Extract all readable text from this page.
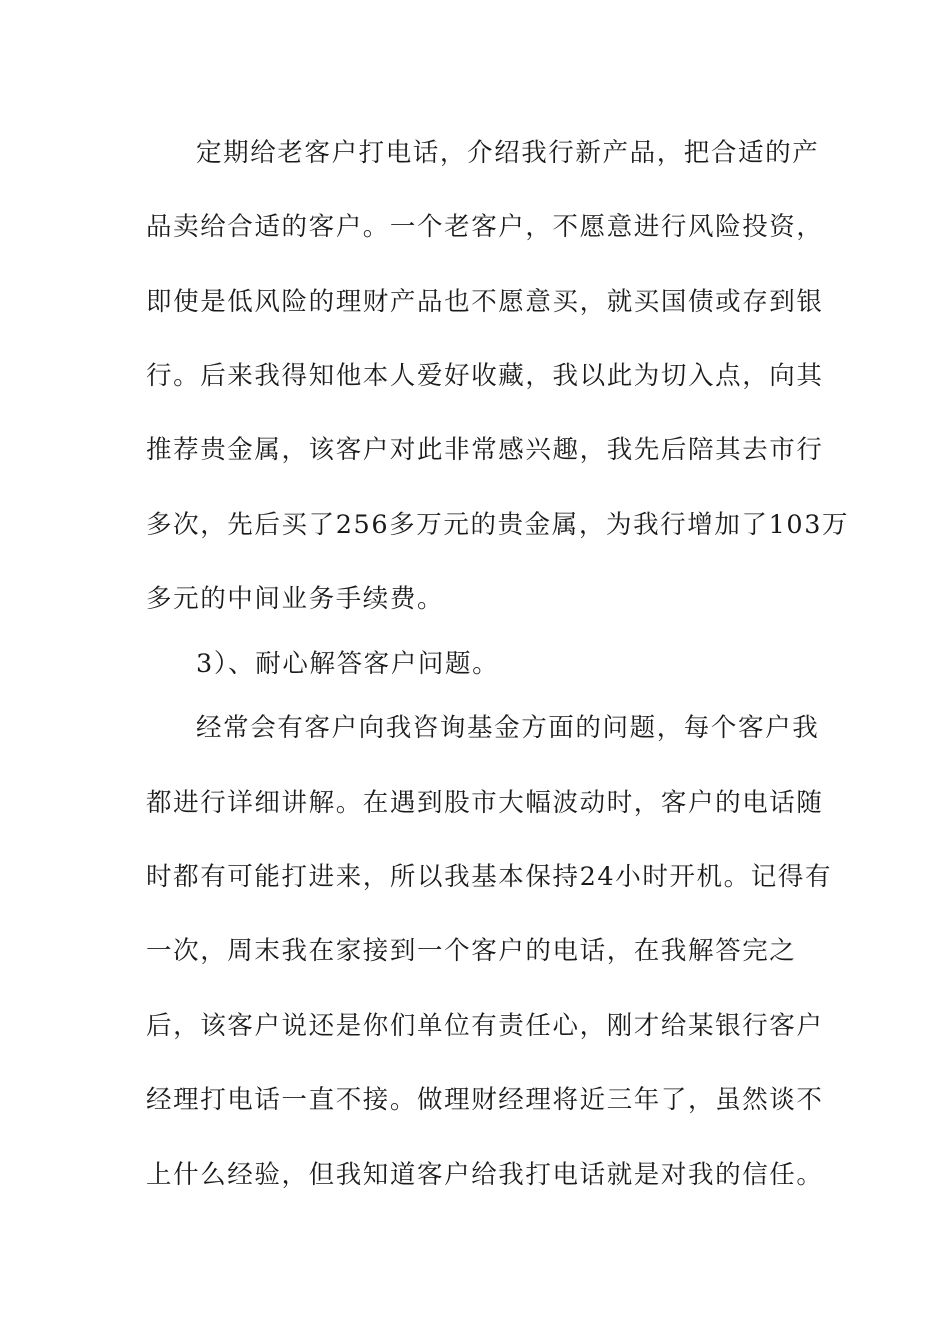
定期给老客户打电话，介绍我行新产品，把合适的产
品卖给合适的客户。一个老客户，不愿意进行风险投资，
即使是低风险的理财产品也不愿意买，就买国债或存到银
行。后来我得知他本人爱好收藏，我以此为切入点，向其
推荐贵金属，该客户对此非常感兴趣，我先后陪其去市行
多次，先后买了256多万元的贵金属，为我行增加了103万
多元的中间业务手续费。
3）、耐心解答客户问题。
经常会有客户向我咨询基金方面的问题，每个客户我
都进行详细讲解。在遇到股市大幅波动时，客户的电话随
时都有可能打进来，所以我基本保持24小时开机。记得有
一次，周末我在家接到一个客户的电话，在我解答完之
后，该客户说还是你们单位有责任心，刚才给某银行客户
经理打电话一直不接。做理财经理将近三年了，虽然谈不
上什么经验，但我知道客户给我打电话就是对我的信任。
